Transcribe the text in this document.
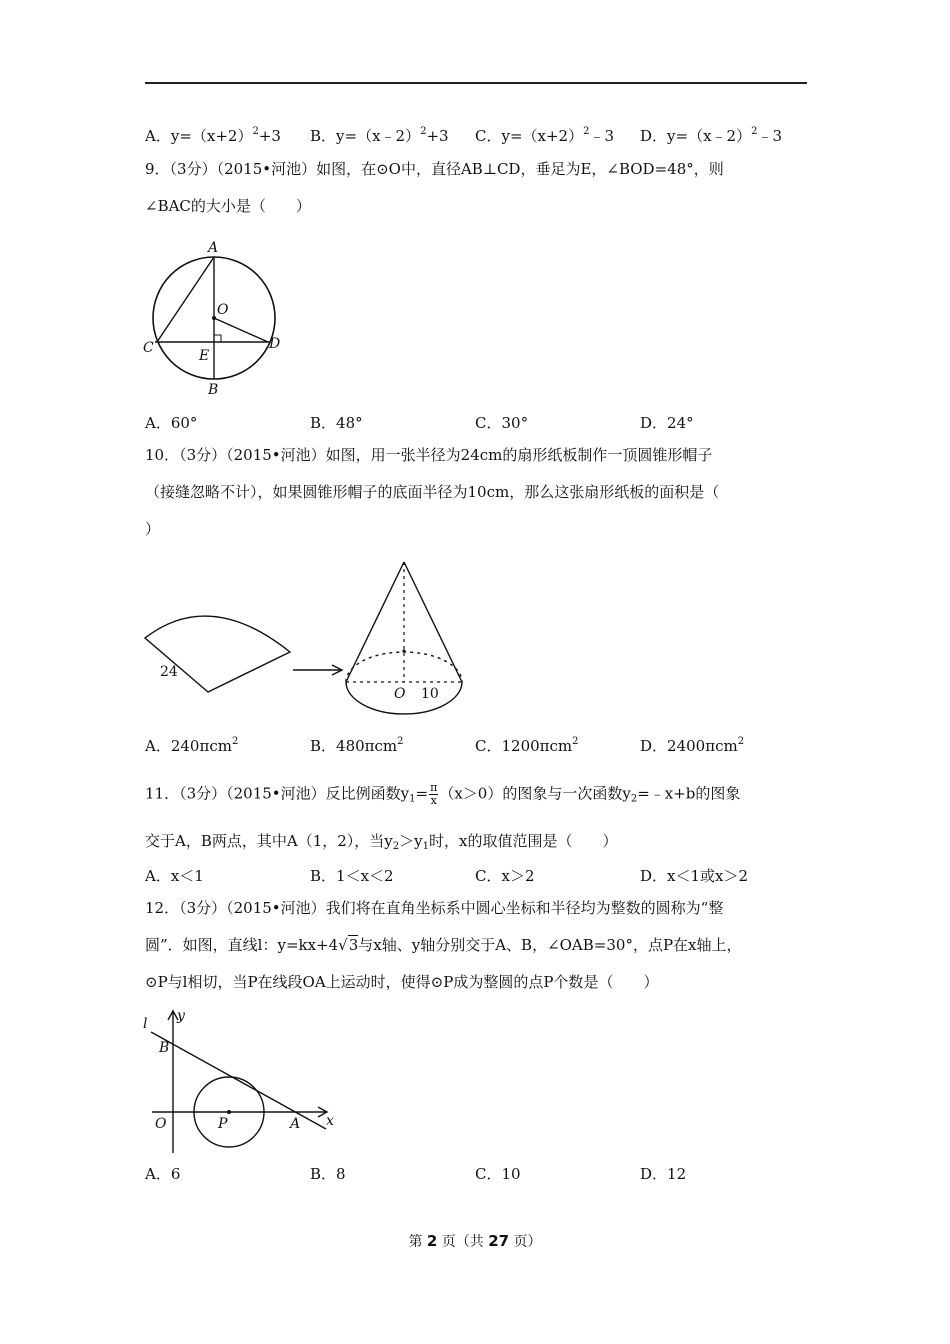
A．$y=(x+2)^2+3$ B．y=（x﹣2）$^2$+3 C．$y=(x+2)^2﹣3$ D．y=（x﹣2）$^2$﹣3
9．（3分）（2015•河池）如图，在⊙O中，直径AB⊥CD，垂足为E，∠BOD=48°，则
∠BAC的大小是（　　）
A
O
C	D
E
B
A．60°	B．48°	C．30°	D．24°
10．（3分）（2015•河池）如图，用一张半径为24cm的扇形纸板制作一顶圆锥形帽子
（接缝忽略不计），如果圆锥形帽子的底面半径为10cm，那么这张扇形纸板的面积是（
）
24
O 10
A．240πcm$^2$	B．480πcm$^2$	C．1200πcm$^2$	D．2400πcm$^2$
11．（3分）（2015•河池）反比例函数$y_1= \frac{\pi}{x} (x>0)$的图象与一次函数$y_2=﹣x+b$的图象
交于A，B两点，其中A（1，2），当$y_2>y_1$时，x的取值范围是（　　）
A．x＜1	B．1＜x＜2	C．x＞2	D．x＜1或x＞2
12．（3分）（2015•河池）我们将在直角坐标系中圆心坐标和半径均为整数的圆称为“整
圆”．如图，直线l：y=kx+4√3与x轴、y轴分别交于A、B，∠OAB=30°，点P在x轴上，
⊙P与l相切，当P在线段OA上运动时，使得⊙P成为整圆的点P个数是（　　）
l y
B
O	P	A x
A．6	B．8	C．10	D．12
第 2 页（共 27 页）
